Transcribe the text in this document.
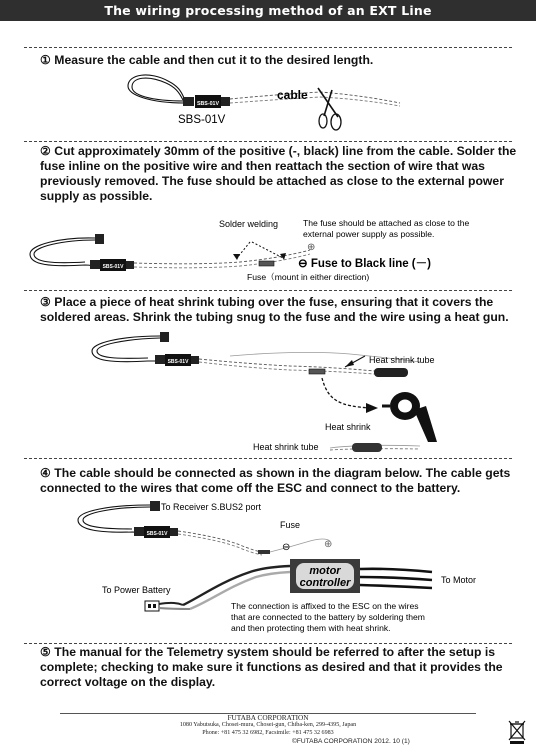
The wiring processing method of an EXT Line
① Measure the cable and then cut it to the desired length.
SBS-01V
cable
SBS-01V
② Cut approximately 30mm of the positive (-, black) line from the cable. Solder the fuse inline on the positive wire and then reattach the section of wire that was previously removed. The fuse should be attached as close to the external power supply as possible.
SBS-01V
Solder welding	The fuse should be attached as close to the
external power supply as possible.
⊕
⊖ Fuse to Black line (－)
Fuse（mount in either direction)
③ Place a piece of heat shrink tubing over the fuse, ensuring that it covers the soldered areas. Shrink the tubing snug to the fuse and the wire using a heat gun.
SBS-01V	Heat shrink tube
Heat shrink
Heat shrink tube
④ The cable should be connected as shown in the diagram below. The cable gets connected to the wires that come off the ESC and connect to the battery.
SBS-01V
To Receiver S.BUS2 port
Fuse
⊖	⊕
motor
controller	To Motor
To Power Battery
The connection is affixed to the ESC on the wires
that are connected to the battery by soldering them
and then protecting them with heat shrink.
⑤ The manual for the Telemetry system should be referred to after the setup is complete; checking to make sure it functions as desired and that it provides the correct voltage on the display.
FUTABA CORPORATION
1080 Yabutsuka, Chosei-mura, Chosei-gun, Chiba-ken, 299-4395, Japan
Phone: +81 475 32 6982, Facsimile: +81 475 32 6983
©FUTABA CORPORATION 2012. 10 (1)
